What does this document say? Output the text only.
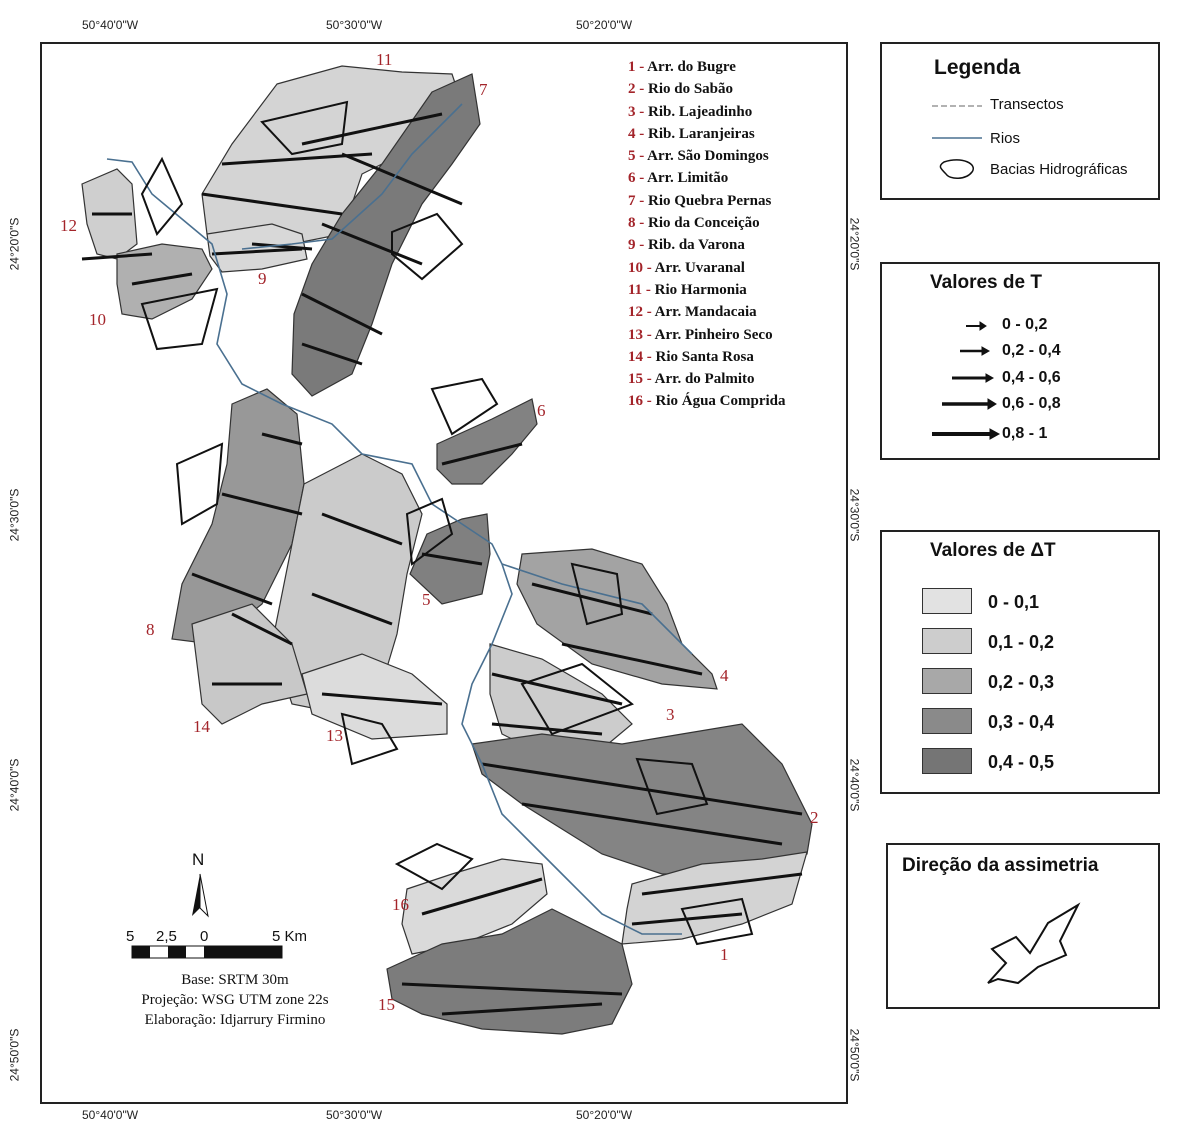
50°40'0"W	50°30'0"W	50°20'0"W
50°40'0"W	50°30'0"W	50°20'0"W
24°20'0"S
24°30'0"S
24°40'0"S
24°50'0"S
24°20'0"S
24°30'0"S
24°40'0"S
24°50'0"S
1
2
3
4
5
6
7
8
9
10
11
12
13
14
15
16
1 - Arr. do Bugre
2 - Rio do Sabão
3 - Rib. Lajeadinho
4 - Rib. Laranjeiras
5 - Arr. São Domingos
6 - Arr. Limitão
7 - Rio Quebra Pernas
8 - Rio da Conceição
9 - Rib. da Varona
10 - Arr. Uvaranal
11 - Rio Harmonia
12 - Arr. Mandacaia
13 - Arr. Pinheiro Seco
14 - Rio Santa Rosa
15 - Arr. do Palmito
16 - Rio Água Comprida
N
5 2,5 0	5 Km
Base: SRTM 30m
Projeção: WSG UTM zone 22s
Elaboração: Idjarrury Firmino
Legenda
Transectos
Rios
Bacias Hidrográficas
Valores de T
0 - 0,2
0,2 - 0,4
0,4 - 0,6
0,6 - 0,8
0,8 - 1
Valores de ΔT
0 - 0,1
0,1 - 0,2
0,2 - 0,3
0,3 - 0,4
0,4 - 0,5
Direção da assimetria
